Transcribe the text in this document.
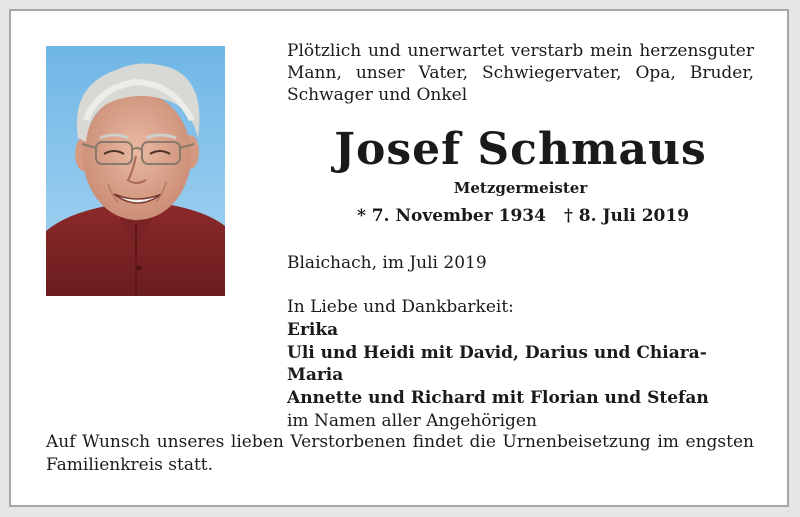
Plötzlich und unerwartet verstarb mein herzensguter Mann, unser Vater, Schwiegervater, Opa, Bruder, Schwager und Onkel
Josef Schmaus
Metzgermeister
* 7. November 1934 † 8. Juli 2019
Blaichach, im Juli 2019
In Liebe und Dankbarkeit:
Erika
Uli und Heidi mit David, Darius und Chiara-Maria
Annette und Richard mit Florian und Stefan
im Namen aller Angehörigen
Auf Wunsch unseres lieben Verstorbenen findet die Urnenbeisetzung im engsten Familienkreis statt.
